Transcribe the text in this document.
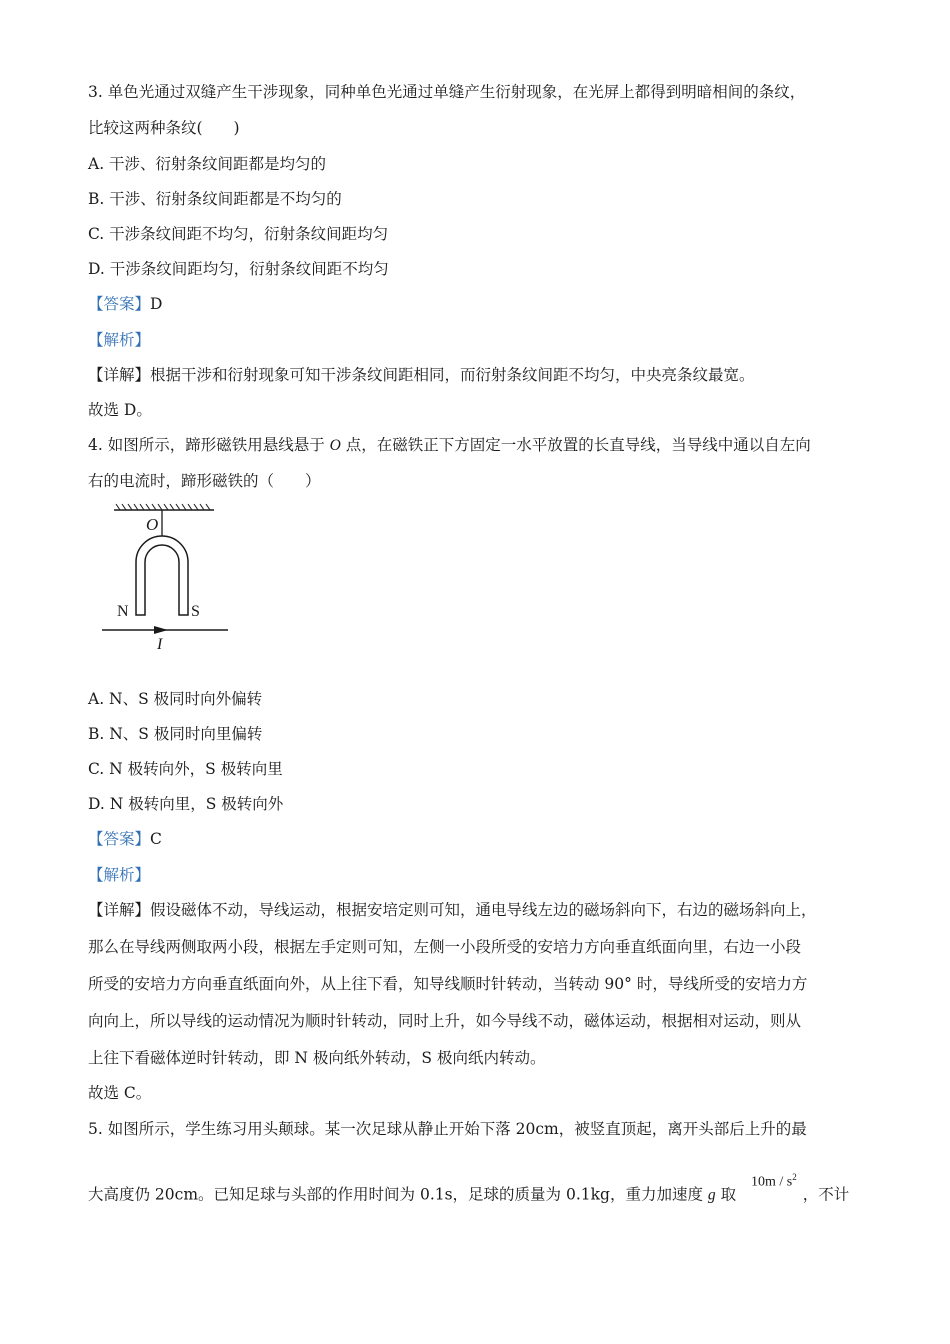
3. 单色光通过双缝产生干涉现象，同种单色光通过单缝产生衍射现象，在光屏上都得到明暗相间的条纹，
比较这两种条纹(　　)
A. 干涉、衍射条纹间距都是均匀的
B. 干涉、衍射条纹间距都是不均匀的
C. 干涉条纹间距不均匀，衍射条纹间距均匀
D. 干涉条纹间距均匀，衍射条纹间距不均匀
【答案】D
【解析】
【详解】根据干涉和衍射现象可知干涉条纹间距相同，而衍射条纹间距不均匀，中央亮条纹最宽。
故选 D。
4. 如图所示，蹄形磁铁用悬线悬于 O 点，在磁铁正下方固定一水平放置的长直导线，当导线中通以自左向
右的电流时，蹄形磁铁的（　　）
O
N	S
I
A. N、S 极同时向外偏转
B. N、S 极同时向里偏转
C. N 极转向外，S 极转向里
D. N 极转向里，S 极转向外
【答案】C
【解析】
【详解】假设磁体不动，导线运动，根据安培定则可知，通电导线左边的磁场斜向下，右边的磁场斜向上，
那么在导线两侧取两小段，根据左手定则可知，左侧一小段所受的安培力方向垂直纸面向里，右边一小段
所受的安培力方向垂直纸面向外，从上往下看，知导线顺时针转动，当转动 90° 时，导线所受的安培力方
向向上，所以导线的运动情况为顺时针转动，同时上升，如今导线不动，磁体运动，根据相对运动，则从
上往下看磁体逆时针转动，即 N 极向纸外转动，S 极向纸内转动。
故选 C。
5. 如图所示，学生练习用头颠球。某一次足球从静止开始下落 20cm，被竖直顶起，离开头部后上升的最
大高度仍 20cm。已知足球与头部的作用时间为 0.1s，足球的质量为 0.1kg，重力加速度 g 取 $10m / s^2$，不计
